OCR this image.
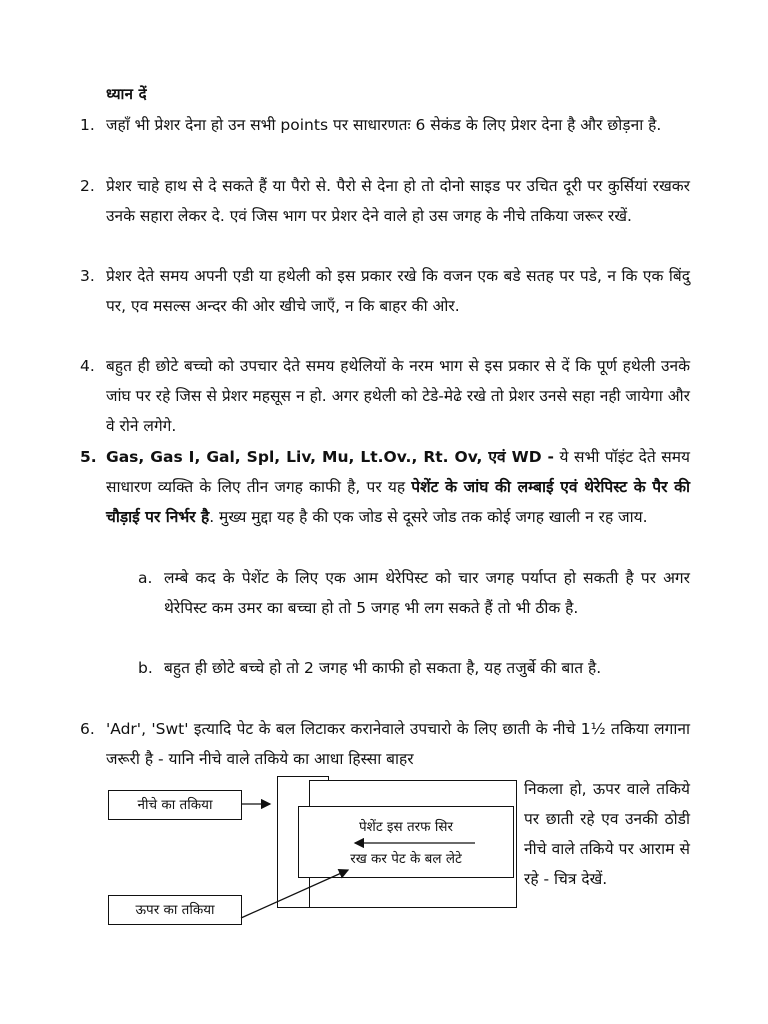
ध्यान दें
1. जहाँ भी प्रेशर देना हो उन सभी points पर साधारणतः 6 सेकंड के लिए प्रेशर देना है और छोड़ना है.
2. प्रेशर चाहे हाथ से दे सकते हैं या पैरो से. पैरो से देना हो तो दोनो साइड पर उचित दूरी पर कुर्सियां रखकर उनके सहारा लेकर दे. एवं जिस भाग पर प्रेशर देने वाले हो उस जगह के नीचे तकिया जरूर रखें.
3. प्रेशर देते समय अपनी एडी या हथेली को इस प्रकार रखे कि वजन एक बडे सतह पर पडे, न कि एक बिंदु पर, एव मसल्स अन्दर की ओर खीचे जाएँ, न कि बाहर की ओर.
4. बहुत ही छोटे बच्चो को उपचार देते समय हथेलियों के नरम भाग से इस प्रकार से दें कि पूर्ण हथेली उनके जांघ पर रहे जिस से प्रेशर महसूस न हो. अगर हथेली को टेडे-मेढे रखे तो प्रेशर उनसे सहा नही जायेगा और वे रोने लगेगे.
5. Gas, Gas I, Gal, Spl, Liv, Mu, Lt.Ov., Rt. Ov, एवं WD - ये सभी पॉइंट देते समय साधारण व्यक्ति के लिए तीन जगह काफी है, पर यह पेशेंट के जांघ की लम्बाई एवं थेरेपिस्ट के पैर की चौड़ाई पर निर्भर है. मुख्य मुद्दा यह है की एक जोड से दूसरे जोड तक कोई जगह खाली न रह जाय.
a. लम्बे कद के पेशेंट के लिए एक आम थेरेपिस्ट को चार जगह पर्याप्त हो सकती है पर अगर थेरेपिस्ट कम उमर का बच्चा हो तो 5 जगह भी लग सकते हैं तो भी ठीक है.
b. बहुत ही छोटे बच्चे हो तो 2 जगह भी काफी हो सकता है, यह तजुर्बे की बात है.
6. 'Adr', 'Swt' इत्यादि पेट के बल लिटाकर करानेवाले उपचारो के लिए छाती के नीचे 1½ तकिया लगाना जरूरी है - यानि नीचे वाले तकिये का आधा हिस्सा बाहर
निकला हो, ऊपर वाले तकिये पर छाती रहे एव उनकी ठोडी नीचे वाले तकिये पर आराम से रहे - चित्र देखें.
पेशेंट इस तरफ सिर
रख कर पेट के बल लेटे
नीचे का तकिया
ऊपर का तकिया
